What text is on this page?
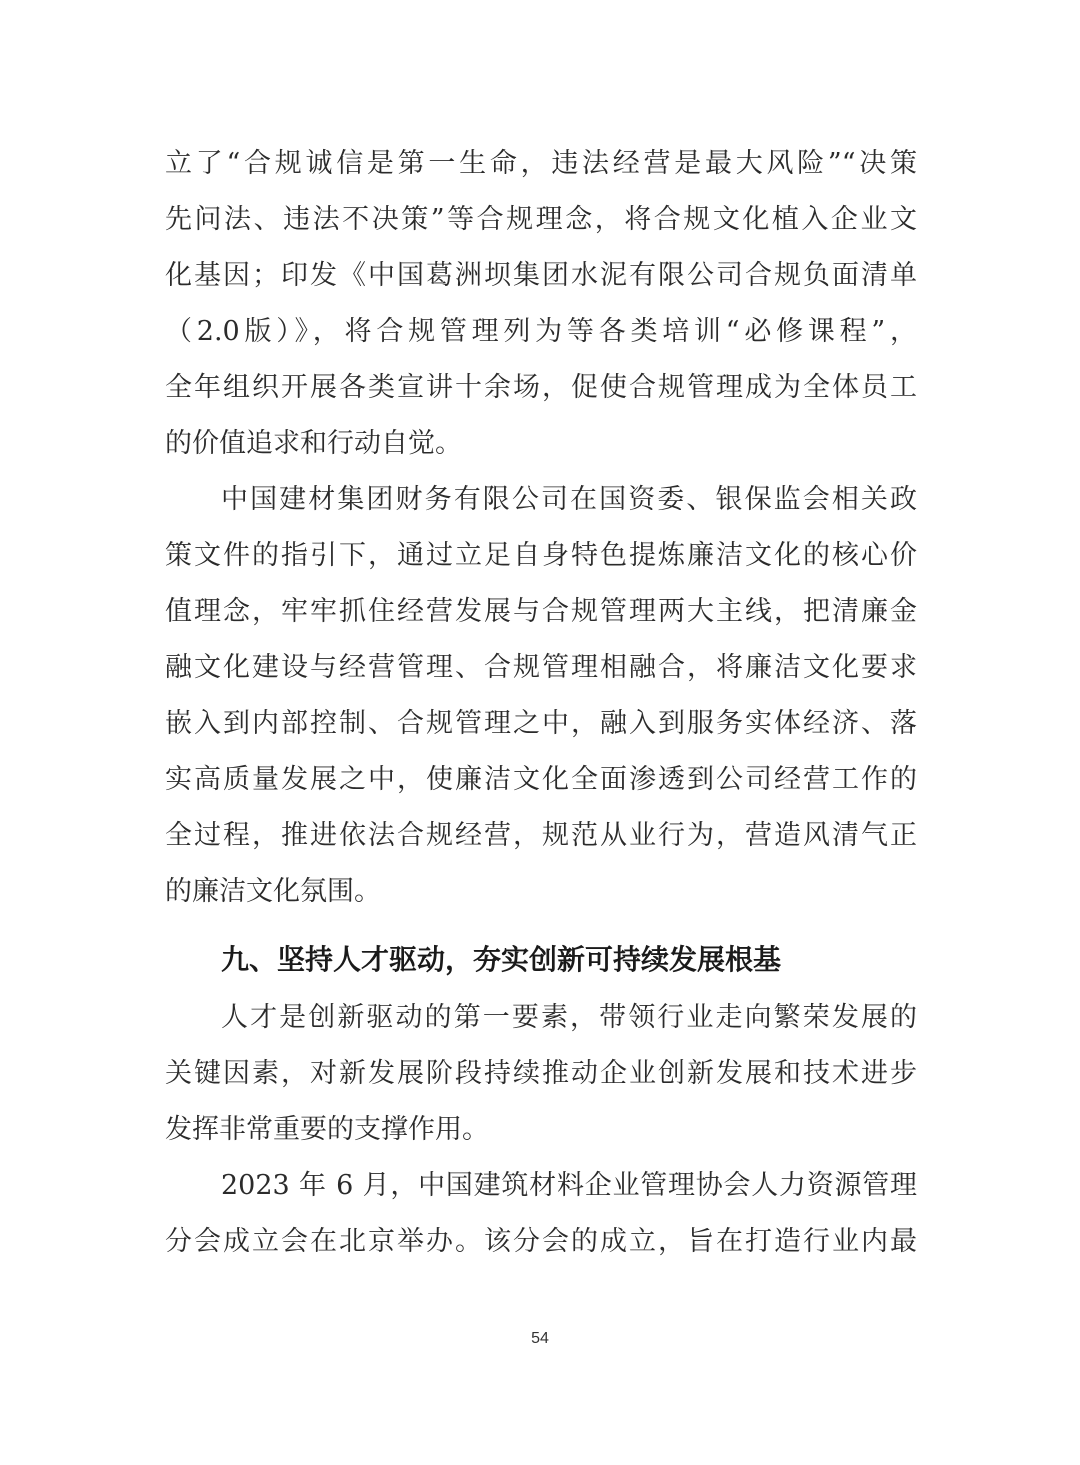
立了“合规诚信是第一生命，违法经营是最大风险”“决策
先问法、违法不决策”等合规理念，将合规文化植入企业文
化基因；印发《中国葛洲坝集团水泥有限公司合规负面清单
（2.0版）》，将合规管理列为等各类培训“必修课程”，
全年组织开展各类宣讲十余场，促使合规管理成为全体员工
的价值追求和行动自觉。
中国建材集团财务有限公司在国资委、银保监会相关政
策文件的指引下，通过立足自身特色提炼廉洁文化的核心价
值理念，牢牢抓住经营发展与合规管理两大主线，把清廉金
融文化建设与经营管理、合规管理相融合，将廉洁文化要求
嵌入到内部控制、合规管理之中，融入到服务实体经济、落
实高质量发展之中，使廉洁文化全面渗透到公司经营工作的
全过程，推进依法合规经营，规范从业行为，营造风清气正
的廉洁文化氛围。
九、坚持人才驱动，夯实创新可持续发展根基
人才是创新驱动的第一要素，带领行业走向繁荣发展的
关键因素，对新发展阶段持续推动企业创新发展和技术进步
发挥非常重要的支撑作用。
2023 年 6 月，中国建筑材料企业管理协会人力资源管理
分会成立会在北京举办。该分会的成立，旨在打造行业内最
54
